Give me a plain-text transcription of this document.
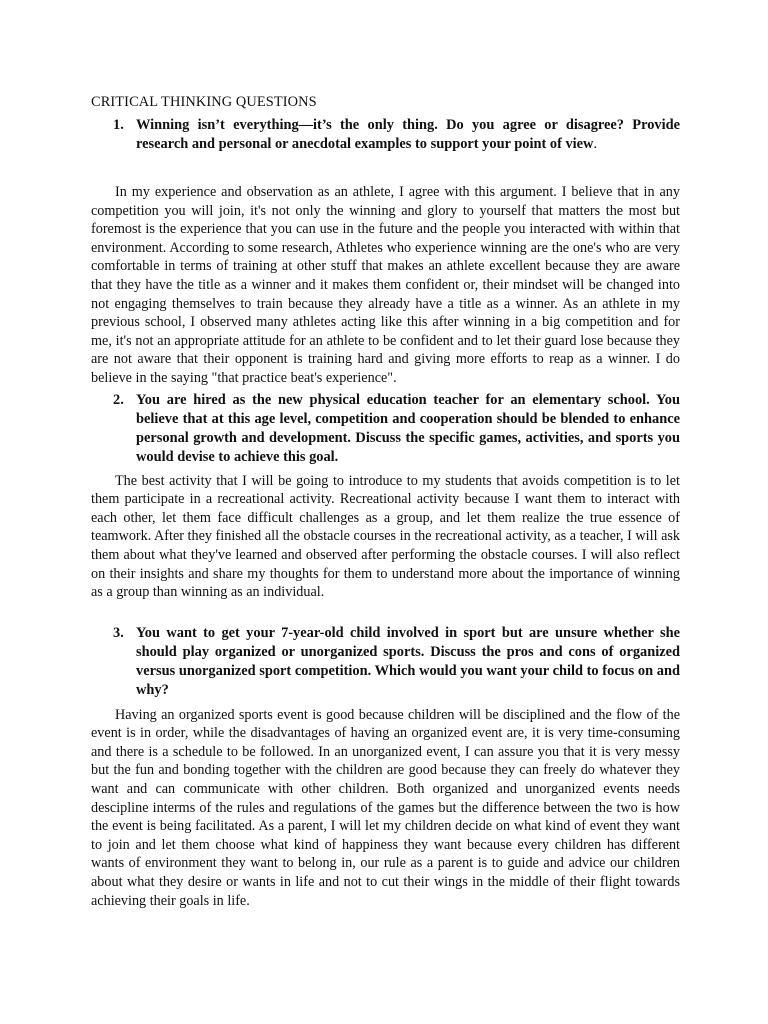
CRITICAL THINKING QUESTIONS
1. Winning isn’t everything—it’s the only thing. Do you agree or disagree? Provide research and personal or anecdotal examples to support your point of view.

In my experience and observation as an athlete, I agree with this argument. I believe that in any competition you will join, it's not only the winning and glory to yourself that matters the most but foremost is the experience that you can use in the future and the people you interacted with within that environment. According to some research, Athletes who experience winning are the one's who are very comfortable in terms of training at other stuff that makes an athlete excellent because they are aware that they have the title as a winner and it makes them confident or, their mindset will be changed into not engaging themselves to train because they already have a title as a winner. As an athlete in my previous school, I observed many athletes acting like this after winning in a big competition and for me, it's not an appropriate attitude for an athlete to be confident and to let their guard lose because they are not aware that their opponent is training hard and giving more efforts to reap as a winner. I do believe in the saying "that practice beat's experience".

2. You are hired as the new physical education teacher for an elementary school. You believe that at this age level, competition and cooperation should be blended to enhance personal growth and development. Discuss the specific games, activities, and sports you would devise to achieve this goal.

The best activity that I will be going to introduce to my students that avoids competition is to let them participate in a recreational activity. Recreational activity because I want them to interact with each other, let them face difficult challenges as a group, and let them realize the true essence of teamwork. After they finished all the obstacle courses in the recreational activity, as a teacher, I will ask them about what they've learned and observed after performing the obstacle courses. I will also reflect on their insights and share my thoughts for them to understand more about the importance of winning as a group than winning as an individual.

3. You want to get your 7-year-old child involved in sport but are unsure whether she should play organized or unorganized sports. Discuss the pros and cons of organized versus unorganized sport competition. Which would you want your child to focus on and why?

Having an organized sports event is good because children will be disciplined and the flow of the event is in order, while the disadvantages of having an organized event are, it is very time-consuming and there is a schedule to be followed. In an unorganized event, I can assure you that it is very messy but the fun and bonding together with the children are good because they can freely do whatever they want and can communicate with other children. Both organized and unorganized events needs descipline interms of the rules and regulations of the games but the difference between the two is how the event is being facilitated. As a parent, I will let my children decide on what kind of event they want to join and let them choose what kind of happiness they want because every children has different wants of environment they want to belong in, our rule as a parent is to guide and advice our children about what they desire or wants in life and not to cut their wings in the middle of their flight towards achieving their goals in life.
